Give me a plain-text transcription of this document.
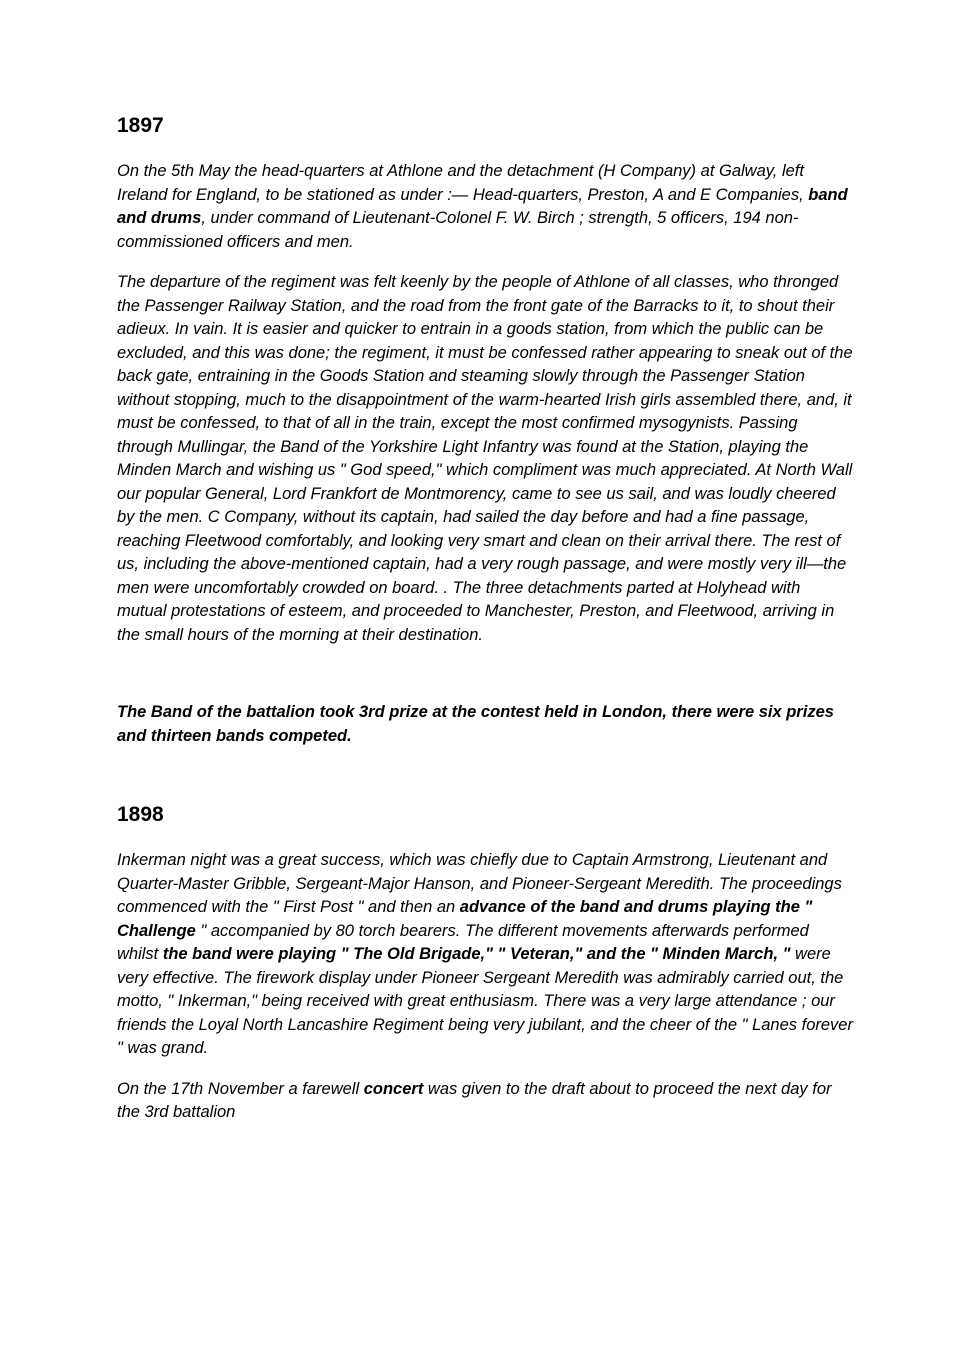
1897

On the 5th May the head-quarters at Athlone and the detachment (H Company) at Galway, left Ireland for England, to be stationed as under :— Head-quarters, Preston, A and E Companies, band and drums, under command of Lieutenant-Colonel F. W. Birch ; strength, 5 officers, 194 non-commissioned officers and men.

The departure of the regiment was felt keenly by the people of Athlone of all classes, who thronged the Passenger Railway Station, and the road from the front gate of the Barracks to it, to shout their adieux. In vain. It is easier and quicker to entrain in a goods station, from which the public can be excluded, and this was done; the regiment, it must be confessed rather appearing to sneak out of the back gate, entraining in the Goods Station and steaming slowly through the Passenger Station without stopping, much to the disappointment of the warm-hearted Irish girls assembled there, and, it must be confessed, to that of all in the train, except the most confirmed mysogynists. Passing through Mullingar, the Band of the Yorkshire Light Infantry was found at the Station, playing the Minden March and wishing us " God speed," which compliment was much appreciated. At North Wall our popular General, Lord Frankfort de Montmorency, came to see us sail, and was loudly cheered by the men. C Company, without its captain, had sailed the day before and had a fine passage, reaching Fleetwood comfortably, and looking very smart and clean on their arrival there. The rest of us, including the above-mentioned captain, had a very rough passage, and were mostly very ill—the men were uncomfortably crowded on board. . The three detachments parted at Holyhead with mutual protestations of esteem, and proceeded to Manchester, Preston, and Fleetwood, arriving in the small hours of the morning at their destination.

The Band of the battalion took 3rd prize at the contest held in London, there were six prizes and thirteen bands competed.

1898

Inkerman night was a great success, which was chiefly due to Captain Armstrong, Lieutenant and Quarter-Master Gribble, Sergeant-Major Hanson, and Pioneer-Sergeant Meredith. The proceedings commenced with the " First Post " and then an advance of the band and drums playing the " Challenge " accompanied by 80 torch bearers. The different movements afterwards performed whilst the band were playing " The Old Brigade," " Veteran," and the " Minden March, " were very effective. The firework display under Pioneer Sergeant Meredith was admirably carried out, the motto, " Inkerman," being received with great enthusiasm. There was a very large attendance ; our friends the Loyal North Lancashire Regiment being very jubilant, and the cheer of the " Lanes forever " was grand.

On the 17th November a farewell concert was given to the draft about to proceed the next day for the 3rd battalion
